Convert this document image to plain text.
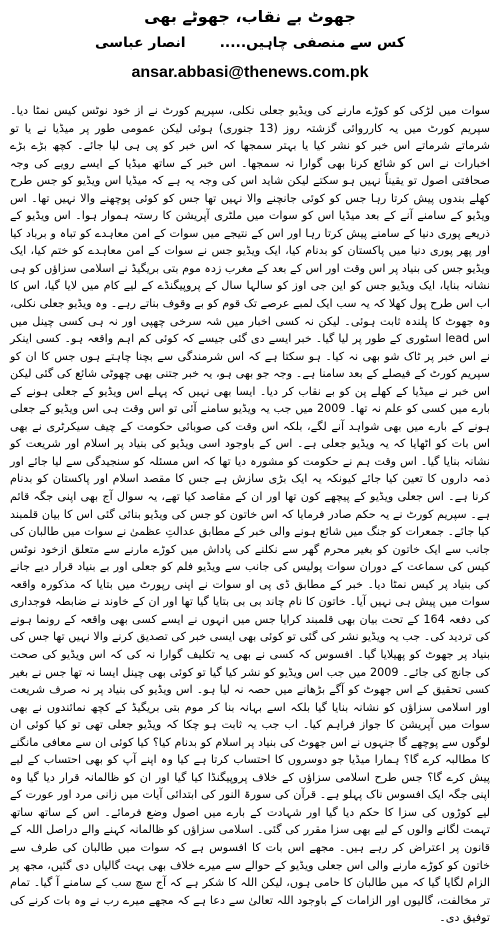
جھوٹ بے نقاب، جھوٹے بھی
کس سے منصفی چاہیں.....
انصار عباسی
ansar.abbasi@thenews.com.pk

سوات میں لڑکی کو کوڑے مارنے کی ویڈیو جعلی نکلی، سپریم کورٹ نے از خود نوٹس کیس نمٹا دیا۔ سپریم کورٹ میں یہ کارروائی گزشتہ روز (13 جنوری) ہوئی لیکن عمومی طور پر میڈیا نے یا تو شرماتے شرماتے اس خبر کو نشر کیا یا بہتر سمجھا کہ اس خبر کو پی ہی لیا جائے۔ کچھ بڑے بڑے اخبارات نے اس کو شائع کرنا بھی گوارا نہ سمجھا۔ اس خبر کے ساتھ میڈیا کے ایسے رویے کی وجہ صحافتی اصول تو یقیناً نہیں ہو سکتے لیکن شاید اس کی وجہ یہ ہے کہ میڈیا اس ویڈیو کو جس طرح کھلے بندوں پیش کرتا رہا جس کو کوئی جانچنے والا نہیں تھا جس کو کوئی پوچھنے والا نہیں تھا۔ اس ویڈیو کے سامنے آنے کے بعد میڈیا اس کو سوات میں ملٹری آپریشن کا رستہ ہموار ہوا۔ اس ویڈیو کے ذریعے پوری دنیا کے سامنے پیش کرتا رہا اور اس کے نتیجے میں سوات کے امن معاہدے کو تباہ و برباد کیا اور پھر پوری دنیا میں پاکستان کو بدنام کیا، ایک ویڈیو جس نے سوات کے امن معاہدے کو ختم کیا، ایک ویڈیو جس کی بنیاد پر اس وقت اور اس کے بعد کے مغرب زدہ موم بتی بریگیڈ نے اسلامی سزاؤں کو ہی نشانہ بنایا، ایک ویڈیو جس کو این جی اوز کو سالہا سال کے پروپیگنڈے کے لیے کام میں لایا گیا، اس کا اب اس طرح پول کھلا کہ یہ سب ایک لمبے عرصے تک قوم کو بے وقوف بناتے رہے۔ وہ ویڈیو جعلی نکلی، وہ جھوٹ کا پلندہ ثابت ہوئی۔ لیکن نہ کسی اخبار میں شہ سرخی چھپی اور نہ ہی کسی چینل میں اس lead اسٹوری کے طور پر لیا گیا۔ خبر ایسے دی گئی جیسے کہ کوئی کم اہم واقعہ ہو۔ کسی اینکر نے اس خبر پر ٹاک شو بھی نہ کیا۔ ہو سکتا ہے کہ اس شرمندگی سے بچنا چاہتے ہوں جس کا ان کو سپریم کورٹ کے فیصلے کے بعد سامنا ہے۔ وجہ جو بھی ہو، یہ خبر جتنی بھی چھوٹی شائع کی گئی لیکن اس خبر نے میڈیا کے کھلے پن کو بے نقاب کر دیا۔ ایسا بھی نہیں کہ پہلے اس ویڈیو کے جعلی ہونے کے بارے میں کسی کو علم نہ تھا۔ 2009 میں جب یہ ویڈیو سامنے آئی تو اس وقت ہی اس ویڈیو کے جعلی ہونے کے بارے میں بھی شواہد آنے لگے، بلکہ اس وقت کی صوبائی حکومت کے چیف سیکرٹری نے بھی اس بات کو اٹھایا کہ یہ ویڈیو جعلی ہے۔ اس کے باوجود اسی ویڈیو کی بنیاد پر اسلام اور شریعت کو نشانہ بنایا گیا۔ اس وقت ہم نے حکومت کو مشورہ دیا تھا کہ اس مسئلہ کو سنجیدگی سے لیا جائے اور ذمہ داروں کا تعین کیا جائے کیونکہ یہ ایک بڑی سازش ہے جس کا مقصد اسلام اور پاکستان کو بدنام کرنا ہے۔ اس جعلی ویڈیو کے پیچھے کون تھا اور ان کے مقاصد کیا تھے، یہ سوال آج بھی اپنی جگہ قائم ہے۔ سپریم کورٹ نے یہ حکم صادر فرمایا کہ اس خاتون کو جس کی ویڈیو بنائی گئی اس کا بیان قلمبند کیا جائے۔ جمعرات کو جنگ میں شائع ہونے والی خبر کے مطابق عدالتِ عظمیٰ نے سوات میں طالبان کی جانب سے ایک خاتون کو بغیر محرم گھر سے نکلنے کی پاداش میں کوڑے مارنے سے متعلق ازخود نوٹس کیس کی سماعت کے دوران سوات پولیس کی جانب سے ویڈیو فلم کو جعلی اور بے بنیاد قرار دیے جانے کی بنیاد پر کیس نمٹا دیا۔ خبر کے مطابق ڈی پی او سوات نے اپنی رپورٹ میں بتایا کہ مذکورہ واقعہ سوات میں پیش ہی نہیں آیا۔ خاتون کا نام چاند بی بی بتایا گیا تھا اور ان کے خاوند نے ضابطہ فوجداری کی دفعہ 164 کے تحت بیان بھی قلمبند کرایا جس میں انہوں نے ایسے کسی بھی واقعہ کے رونما ہونے کی تردید کی۔ جب یہ ویڈیو نشر کی گئی تو کوئی بھی ایسی خبر کی تصدیق کرنے والا نہیں تھا جس کی بنیاد پر جھوٹ کو پھیلایا گیا۔ افسوس کہ کسی نے بھی یہ تکلیف گوارا نہ کی کہ اس ویڈیو کی صحت کی جانچ کی جائے۔ 2009 میں جب اس ویڈیو کو نشر کیا گیا تو کوئی بھی چینل ایسا نہ تھا جس نے بغیر کسی تحقیق کے اس جھوٹ کو آگے بڑھانے میں حصہ نہ لیا ہو۔ اس ویڈیو کی بنیاد پر نہ صرف شریعت اور اسلامی سزاؤں کو نشانہ بنایا گیا بلکہ اسے بہانہ بنا کر موم بتی بریگیڈ کے کچھ نمائندوں نے بھی سوات میں آپریشن کا جواز فراہم کیا۔ اب جب یہ ثابت ہو چکا کہ ویڈیو جعلی تھی تو کیا کوئی ان لوگوں سے پوچھے گا جنہوں نے اس جھوٹ کی بنیاد پر اسلام کو بدنام کیا؟ کیا کوئی ان سے معافی مانگنے کا مطالبہ کرے گا؟ ہمارا میڈیا جو دوسروں کا احتساب کرتا ہے کیا وہ اپنے آپ کو بھی احتساب کے لیے پیش کرے گا؟ جس طرح اسلامی سزاؤں کے خلاف پروپیگنڈا کیا گیا اور ان کو ظالمانہ قرار دیا گیا وہ اپنی جگہ ایک افسوس ناک پہلو ہے۔ قرآن کی سورۃ النور کی ابتدائی آیات میں زانی مرد اور عورت کے لیے کوڑوں کی سزا کا حکم دیا گیا اور شہادت کے بارے میں اصول وضع فرمائے۔ اس کے ساتھ ساتھ تہمت لگانے والوں کے لیے بھی سزا مقرر کی گئی۔ اسلامی سزاؤں کو ظالمانہ کہنے والے دراصل اللہ کے قانون پر اعتراض کر رہے ہیں۔ مجھے اس بات کا افسوس ہے کہ سوات میں طالبان کی طرف سے خاتون کو کوڑے مارنے والی اس جعلی ویڈیو کے حوالے سے میرے خلاف بھی بہت گالیاں دی گئیں، مجھ پر الزام لگایا گیا کہ میں طالبان کا حامی ہوں، لیکن اللہ کا شکر ہے کہ آج سچ سب کے سامنے آ گیا۔ تمام تر مخالفت، گالیوں اور الزامات کے باوجود اللہ تعالیٰ سے دعا ہے کہ مجھے میرے رب نے وہ بات کرنے کی توفیق دی۔
